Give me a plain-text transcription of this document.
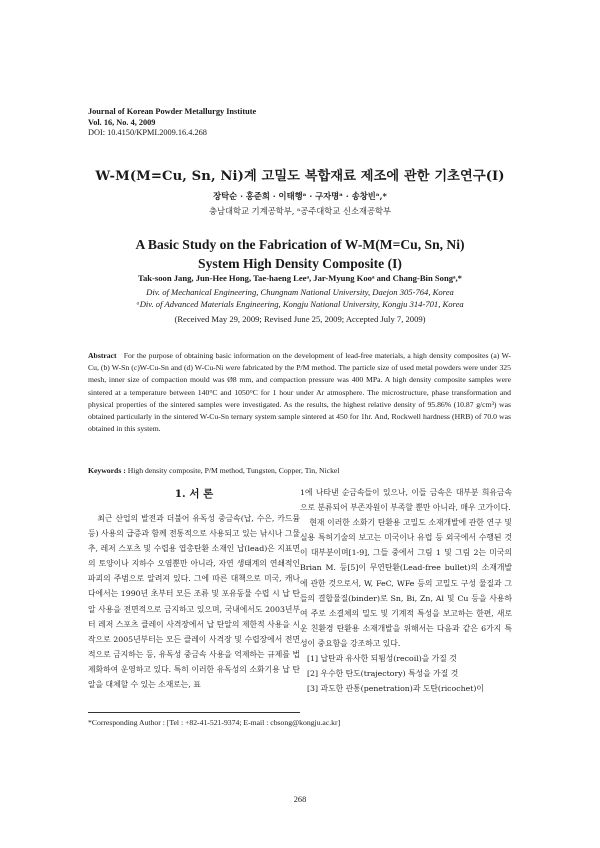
Journal of Korean Powder Metallurgy Institute
Vol. 16, No. 4, 2009
DOI: 10.4150/KPMI.2009.16.4.268
W-M(M=Cu, Sn, Ni)계 고밀도 복합재료 제조에 관한 기초연구(I)
장탁순 · 홍준희 · 이태행ᵃ · 구자명ᵃ · 송창빈ᵃ,*
충남대학교 기계공학부, ᵃ공주대학교 신소재공학부
A Basic Study on the Fabrication of W-M(M=Cu, Sn, Ni)
System High Density Composite (I)
Tak-soon Jang, Jun-Hee Hong, Tae-haeng Leeᵃ, Jar-Myung Kooᵃ and Chang-Bin Songᵃ,*
Div. of Mechanical Engineering, Chungnam National University, Daejon 305-764, Korea
ᵃDiv. of Advanced Materials Engineering, Kongju National University, Kongju 314-701, Korea
(Received May 29, 2009; Revised June 25, 2009; Accepted July 7, 2009)
Abstract For the purpose of obtaining basic information on the development of lead-free materials, a high density composites (a) W-Cu, (b) W-Sn (c)W-Cu-Sn and (d) W-Cu-Ni were fabricated by the P/M method. The particle size of used metal powders were under 325 mesh, inner size of compaction mould was Ø8 mm, and compaction pressure was 400 MPa. A high density composite samples were sintered at a temperature between 140°C and 1050°C for 1 hour under Ar atmosphere. The microstructure, phase transformation and physical properties of the sintered samples were investigated. As the results, the highest relative density of 95.86% (10.87 g/cm³) was obtained particularly in the sintered W-Cu-Sn ternary system sample sintered at 450 for 1hr. And, Rockwell hardness (HRB) of 70.0 was obtained in this system.
Keywords : High density composite, P/M method, Tungsten, Copper, Tin, Nickel
1. 서 론

최근 산업의 발전과 더불어 유독성 중금속(납, 수은, 카드뮴 등) 사용의 급증과 함께 전통적으로 사용되고 있는 낚시나 그물 추, 레저 스포츠 및 수렵용 엽총탄환 소재인 납(lead)은 지표면의 토양이나 지하수 오염뿐만 아니라, 자연 생태계의 연쇄적인 파괴의 주범으로 알려져 있다. 그에 따른 대책으로 미국, 캐나다에서는 1990년 초부터 모든 조류 및 포유동물 수렵 시 납 탄알 사용을 전면적으로 금지하고 있으며, 국내에서도 2003년부터 레저 스포츠 클레이 사격장에서 납 탄알의 제한적 사용을 시작으로 2005년부터는 모든 클레이 사격장 및 수렵장에서 전면적으로 금지하는 등, 유독성 중금속 사용을 억제하는 규제를 법제화하여 운영하고 있다. 특히 이러한 유독성의 소화기용 납 탄알을 대체할 수 있는 소재로는, 표

1에 나타낸 순금속들이 있으나, 이들 금속은 대부분 희유금속으로 분류되어 부존자원이 부족할 뿐만 아니라, 매우 고가이다.

현재 이러한 소화기 탄환용 고밀도 소재개발에 관한 연구 및 실용 특허기술의 보고는 미국이나 유럽 등 외국에서 수행된 것이 대부분이며[1-9], 그들 중에서 그림 1 및 그림 2는 미국의 Brian M. 등[5]이 무연탄환(Lead-free bullet)의 소재개발에 관한 것으로서, W, FeC, WFe 등의 고밀도 구성 물질과 그들의 결합물질(binder)로 Sn, Bi, Zn, Al 및 Cu 등을 사용하여 주로 소결체의 밀도 및 기계적 특성을 보고하는 한편, 새로운 친환경 탄환용 소재개발을 위해서는 다음과 같은 6가지 특성이 중요함을 강조하고 있다.

[1] 납탄과 유사한 되튐성(recoil)을 가질 것

[2] 우수한 탄도(trajectory) 특성을 가질 것

[3] 과도한 관통(penetration)과 도탄(ricochet)이

*Corresponding Author : [Tel : +82-41-521-9374; E-mail : cbsong@kongju.ac.kr]
268
